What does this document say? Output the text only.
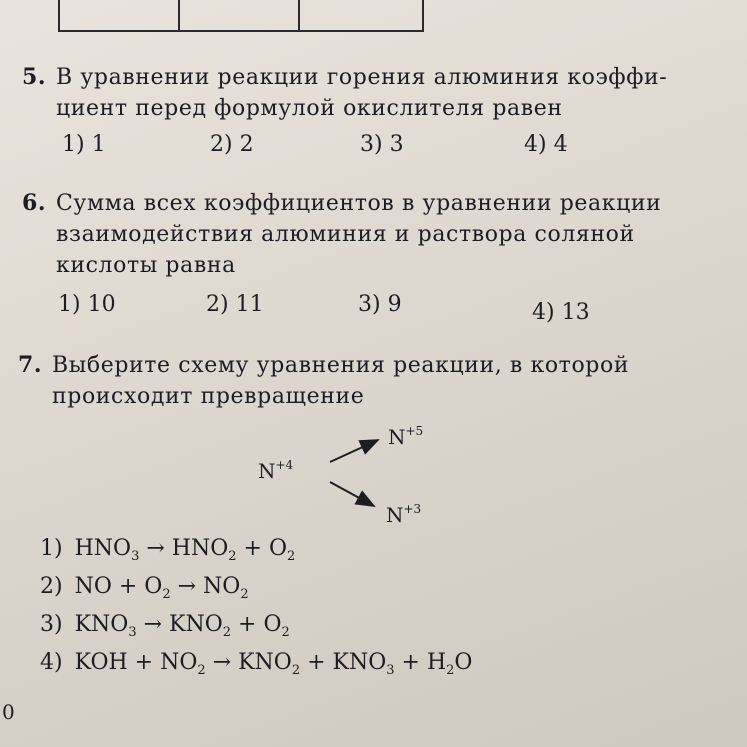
5. В уравнении реакции горения алюминия коэффи-
циент перед формулой окислителя равен
1) 1	2) 2	3) 3	4) 4
6. Сумма всех коэффициентов в уравнении реакции
взаимодействия алюминия и раствора соляной
кислоты равна
1) 10	2) 11	3) 9	4) 13
7. Выберите схему уравнения реакции, в которой
происходит превращение
$N^{+4}$
$N^{+5}$
$N^{+3}$
1) $HNO_3 \to HNO_2 + O_2$
2) NO + $O_2 \to NO_2$
3) $KNO_3 \to KNO_2 + O_2$
4) KOH + $NO_2 \to KNO_2 + KNO_3 + H_2O$
0
